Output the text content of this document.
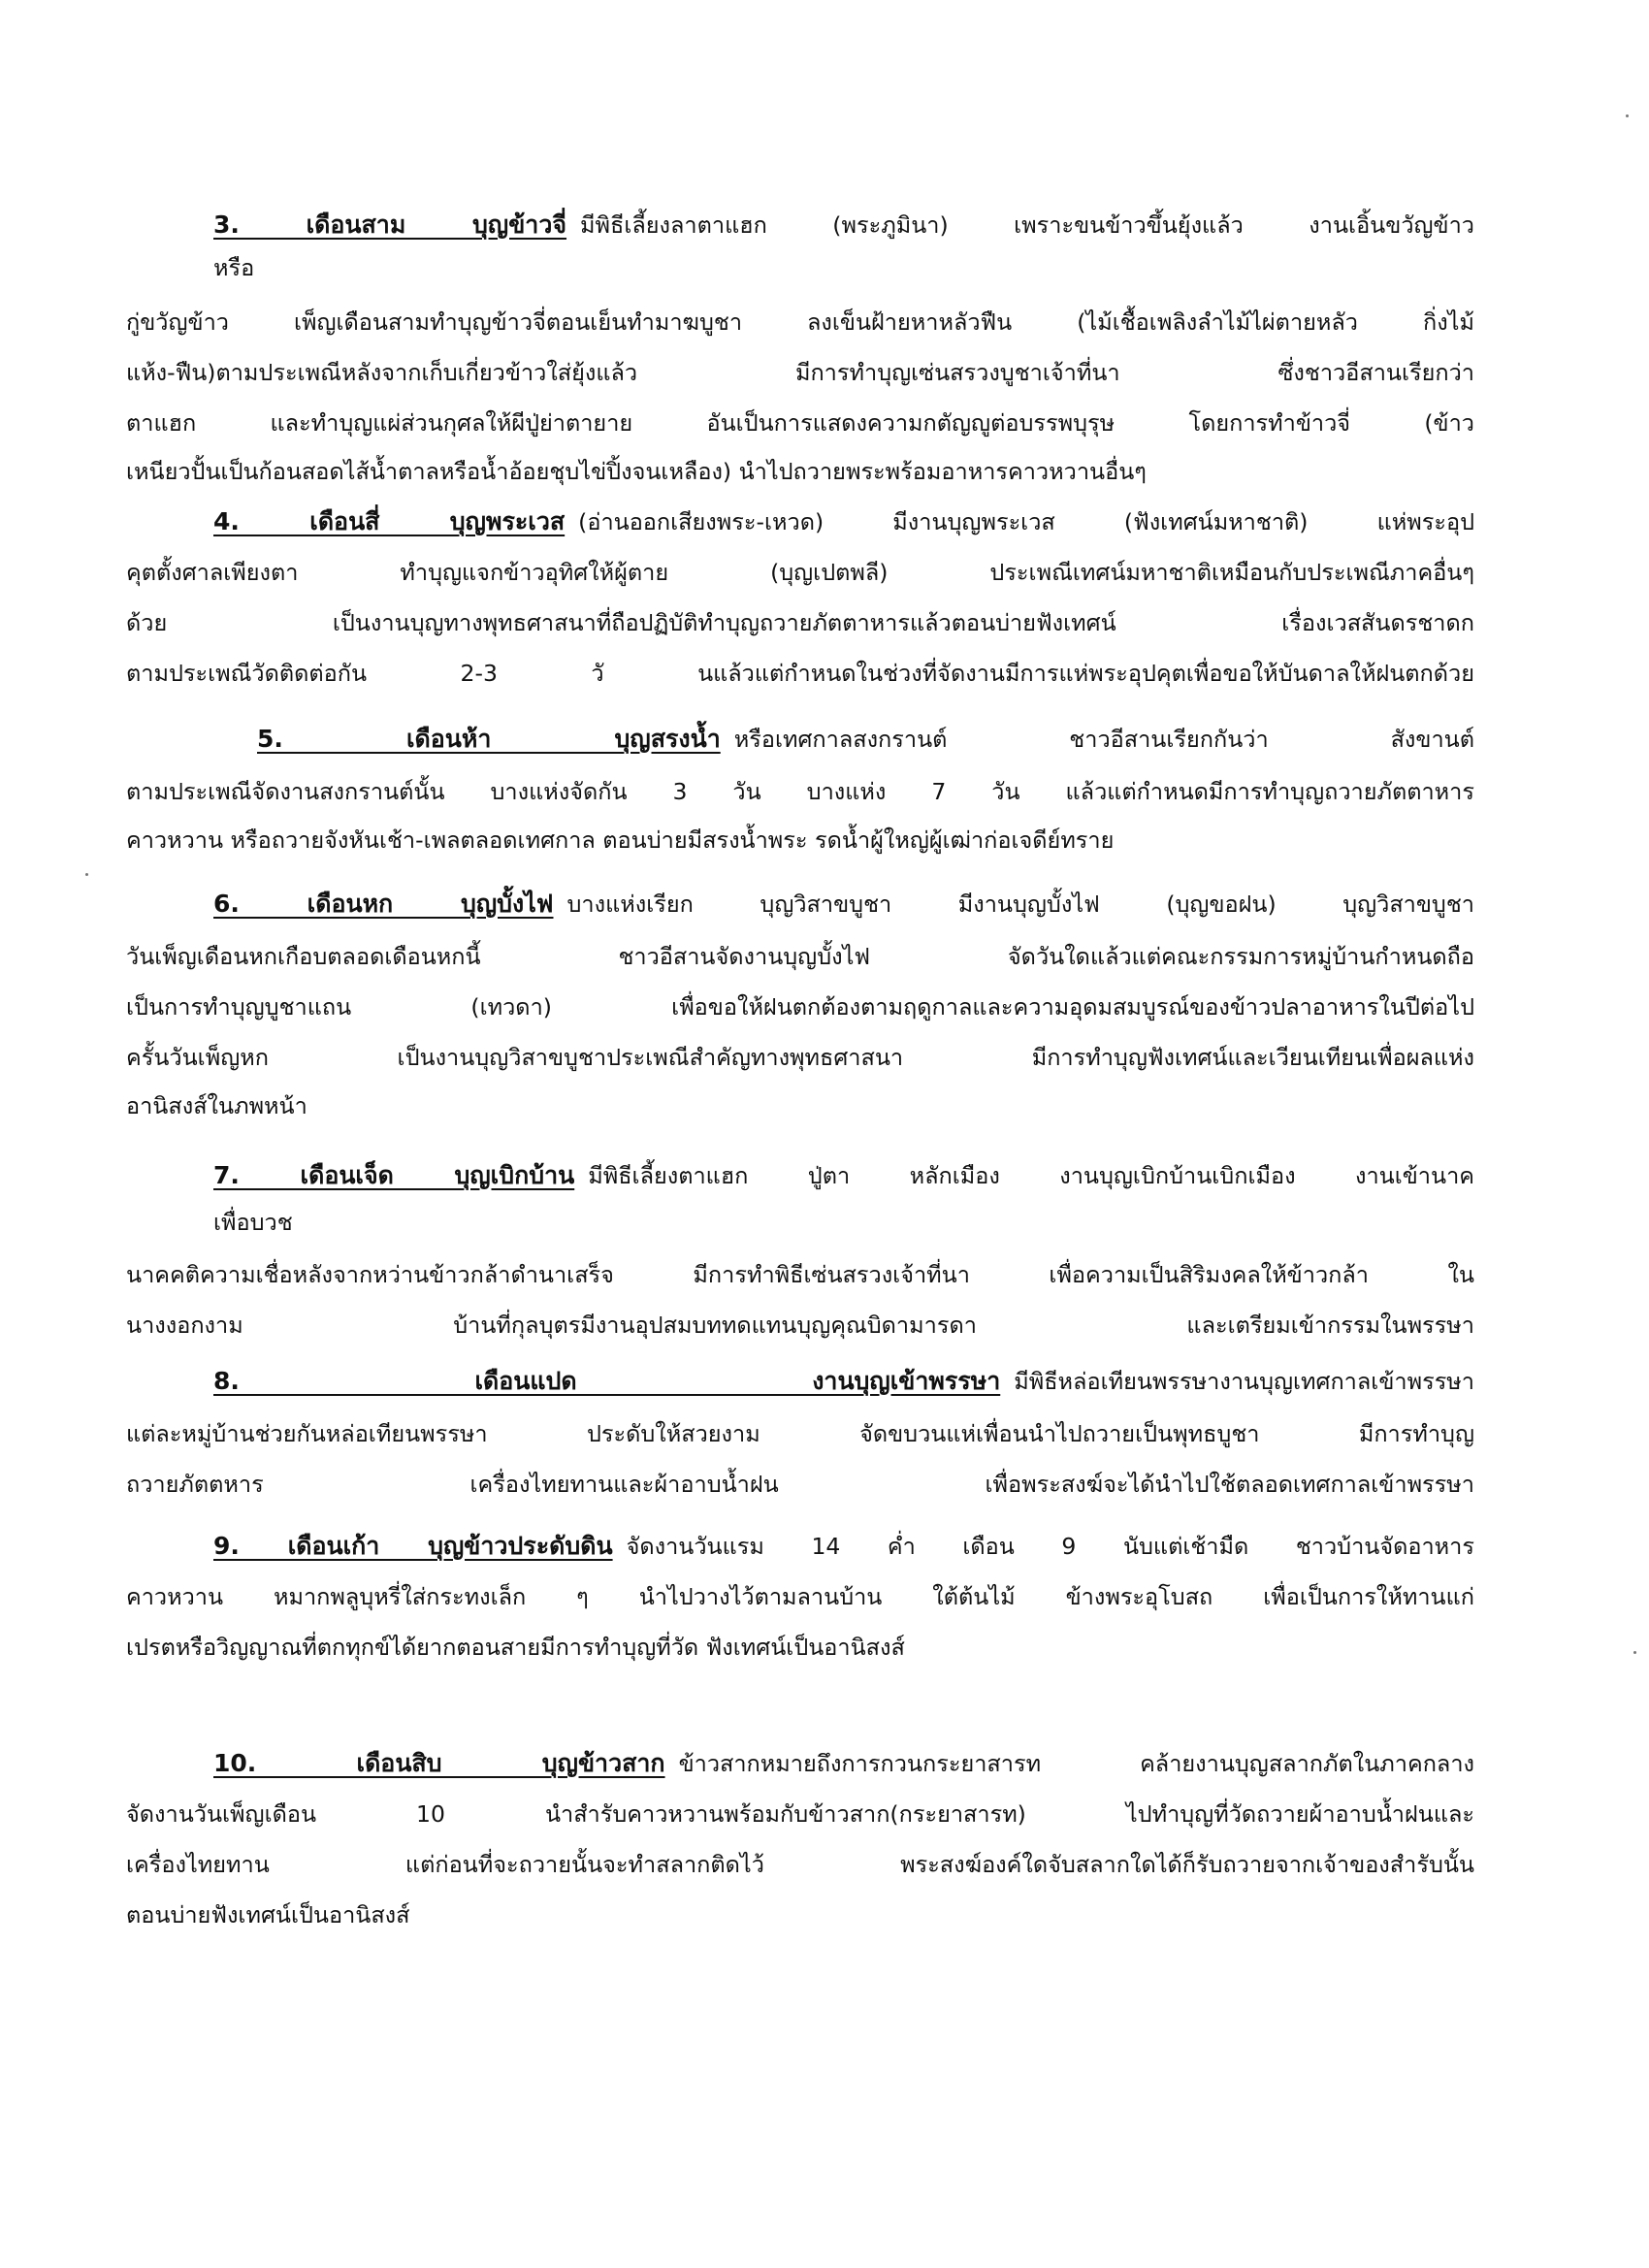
3. เดือนสาม บุญข้าวจี่ มีพิธีเลี้ยงลาตาแฮก (พระภูมินา) เพราะขนข้าวขึ้นยุ้งแล้ว งานเอิ้นขวัญข้าว
หรือ
กู่ขวัญข้าว เพ็ญเดือนสามทำบุญข้าวจี่ตอนเย็นทำมาฆบูชา ลงเข็นฝ้ายหาหลัวฟืน (ไม้เชื้อเพลิงลำไม้ไผ่ตายหลัว กิ่งไม้
แห้ง-ฟืน)ตามประเพณีหลังจากเก็บเกี่ยวข้าวใส่ยุ้งแล้ว มีการทำบุญเซ่นสรวงบูชาเจ้าที่นา ซึ่งชาวอีสานเรียกว่า
ตาแฮก และทำบุญแผ่ส่วนกุศลให้ผีปู่ย่าตายาย อันเป็นการแสดงความกตัญญูต่อบรรพบุรุษ โดยการทำข้าวจี่ (ข้าว
เหนียวปั้นเป็นก้อนสอดไส้น้ำตาลหรือน้ำอ้อยชุบไข่ปิ้งจนเหลือง) นำไปถวายพระพร้อมอาหารคาวหวานอื่นๆ
4. เดือนสี่ บุญพระเวส (อ่านออกเสียงพระ-เหวด) มีงานบุญพระเวส (ฟังเทศน์มหาชาติ) แห่พระอุป
คุตตั้งศาลเพียงตา ทำบุญแจกข้าวอุทิศให้ผู้ตาย (บุญเปตพลี) ประเพณีเทศน์มหาชาติเหมือนกับประเพณีภาคอื่นๆ
ด้วย เป็นงานบุญทางพุทธศาสนาที่ถือปฏิบัติทำบุญถวายภัตตาหารแล้วตอนบ่ายฟังเทศน์ เรื่องเวสสันดรชาดก
ตามประเพณีวัดติดต่อกัน 2-3 วั นแล้วแต่กำหนดในช่วงที่จัดงานมีการแห่พระอุปคุตเพื่อขอให้บันดาลให้ฝนตกด้วย
5. เดือนห้า บุญสรงน้ำ หรือเทศกาลสงกรานต์ ชาวอีสานเรียกกันว่า สังขานต์
ตามประเพณีจัดงานสงกรานต์นั้น บางแห่งจัดกัน 3 วัน บางแห่ง 7 วัน แล้วแต่กำหนดมีการทำบุญถวายภัตตาหาร
คาวหวาน หรือถวายจังหันเช้า-เพลตลอดเทศกาล ตอนบ่ายมีสรงน้ำพระ รดน้ำผู้ใหญ่ผู้เฒ่าก่อเจดีย์ทราย
6. เดือนหก บุญบั้งไฟ บางแห่งเรียก บุญวิสาขบูชา มีงานบุญบั้งไฟ (บุญขอฝน) บุญวิสาขบูชา
วันเพ็ญเดือนหกเกือบตลอดเดือนหกนี้ ชาวอีสานจัดงานบุญบั้งไฟ จัดวันใดแล้วแต่คณะกรรมการหมู่บ้านกำหนดถือ
เป็นการทำบุญบูชาแถน (เทวดา) เพื่อขอให้ฝนตกต้องตามฤดูกาลและความอุดมสมบูรณ์ของข้าวปลาอาหารในปีต่อไป
ครั้นวันเพ็ญหก เป็นงานบุญวิสาขบูชาประเพณีสำคัญทางพุทธศาสนา มีการทำบุญฟังเทศน์และเวียนเทียนเพื่อผลแห่ง
อานิสงส์ในภพหน้า
7. เดือนเจ็ด บุญเบิกบ้าน มีพิธีเลี้ยงตาแฮก ปู่ตา หลักเมือง งานบุญเบิกบ้านเบิกเมือง งานเข้านาค
เพื่อบวช
นาคคติความเชื่อหลังจากหว่านข้าวกล้าดำนาเสร็จ มีการทำพิธีเซ่นสรวงเจ้าที่นา เพื่อความเป็นสิริมงคลให้ข้าวกล้า ใน
นางงอกงาม บ้านที่กุลบุตรมีงานอุปสมบททดแทนบุญคุณบิดามารดา และเตรียมเข้ากรรมในพรรษา
8. เดือนแปด งานบุญเข้าพรรษา มีพิธีหล่อเทียนพรรษางานบุญเทศกาลเข้าพรรษา
แต่ละหมู่บ้านช่วยกันหล่อเทียนพรรษา ประดับให้สวยงาม จัดขบวนแห่เพื่อนนำไปถวายเป็นพุทธบูชา มีการทำบุญ
ถวายภัตตหาร เครื่องไทยทานและผ้าอาบน้ำฝน เพื่อพระสงฆ์จะได้นำไปใช้ตลอดเทศกาลเข้าพรรษา
9. เดือนเก้า บุญข้าวประดับดิน จัดงานวันแรม 14 ค่ำ เดือน 9 นับแต่เช้ามืด ชาวบ้านจัดอาหาร
คาวหวาน หมากพลูบุหรี่ใส่กระทงเล็ก ๆ นำไปวางไว้ตามลานบ้าน ใต้ต้นไม้ ข้างพระอุโบสถ เพื่อเป็นการให้ทานแก่
เปรตหรือวิญญาณที่ตกทุกข์ได้ยากตอนสายมีการทำบุญที่วัด ฟังเทศน์เป็นอานิสงส์
10. เดือนสิบ บุญข้าวสาก ข้าวสากหมายถึงการกวนกระยาสารท คล้ายงานบุญสลากภัตในภาคกลาง
จัดงานวันเพ็ญเดือน 10 นำสำรับคาวหวานพร้อมกับข้าวสาก(กระยาสารท) ไปทำบุญที่วัดถวายผ้าอาบน้ำฝนและ
เครื่องไทยทาน แต่ก่อนที่จะถวายนั้นจะทำสลากติดไว้ พระสงฆ์องค์ใดจับสลากใดได้ก็รับถวายจากเจ้าของสำรับนั้น
ตอนบ่ายฟังเทศน์เป็นอานิสงส์
